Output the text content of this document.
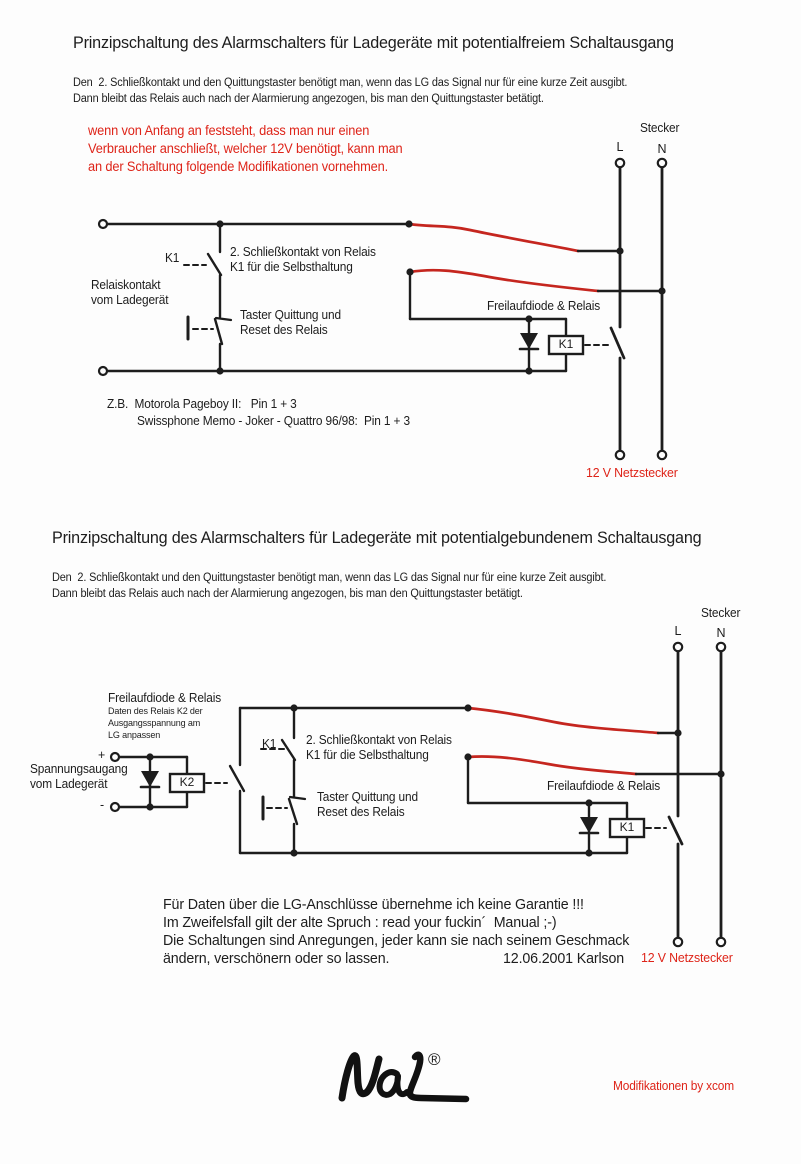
Prinzipschaltung des Alarmschalters für Ladegeräte mit potentialfreiem Schaltausgang
Den  2. Schließkontakt und den Quittungstaster benötigt man, wenn das LG das Signal nur für eine kurze Zeit ausgibt.
Dann bleibt das Relais auch nach der Alarmierung angezogen, bis man den Quittungstaster betätigt.
wenn von Anfang an feststeht, dass man nur einen
Verbraucher anschließt, welcher 12V benötigt, kann man
an der Schaltung folgende Modifikationen vornehmen.
Stecker
L	N
K1	2. Schließkontakt von Relais
K1 für die Selbsthaltung
Relaiskontakt
vom Ladegerät
Taster Quittung und
Reset des Relais
Freilaufdiode & Relais
K1
Z.B.  Motorola Pageboy II:   Pin 1 + 3
Swissphone Memo - Joker - Quattro 96/98:  Pin 1 + 3
12 V Netzstecker
Prinzipschaltung des Alarmschalters für Ladegeräte mit potentialgebundenem Schaltausgang
Den  2. Schließkontakt und den Quittungstaster benötigt man, wenn das LG das Signal nur für eine kurze Zeit ausgibt.
Dann bleibt das Relais auch nach der Alarmierung angezogen, bis man den Quittungstaster betätigt.
Freilaufdiode & Relais
Daten des Relais K2 der
Ausgangsspannung am
LG anpassen
+
-
Spannungsaugang
vom Ladegerät	K2
K1 2. Schließkontakt von Relais
K1 für die Selbsthaltung
Taster Quittung und
Reset des Relais
Freilaufdiode & Relais
K1
Stecker
L	N
12 V Netzstecker
Für Daten über die LG-Anschlüsse übernehme ich keine Garantie !!!
Im Zweifelsfall gilt der alte Spruch : read your fuckin´  Manual ;-)
Die Schaltungen sind Anregungen, jeder kann sie nach seinem Geschmack
ändern, verschönern oder so lassen.	12.06.2001 Karlson
®
Modifikationen by xcom
